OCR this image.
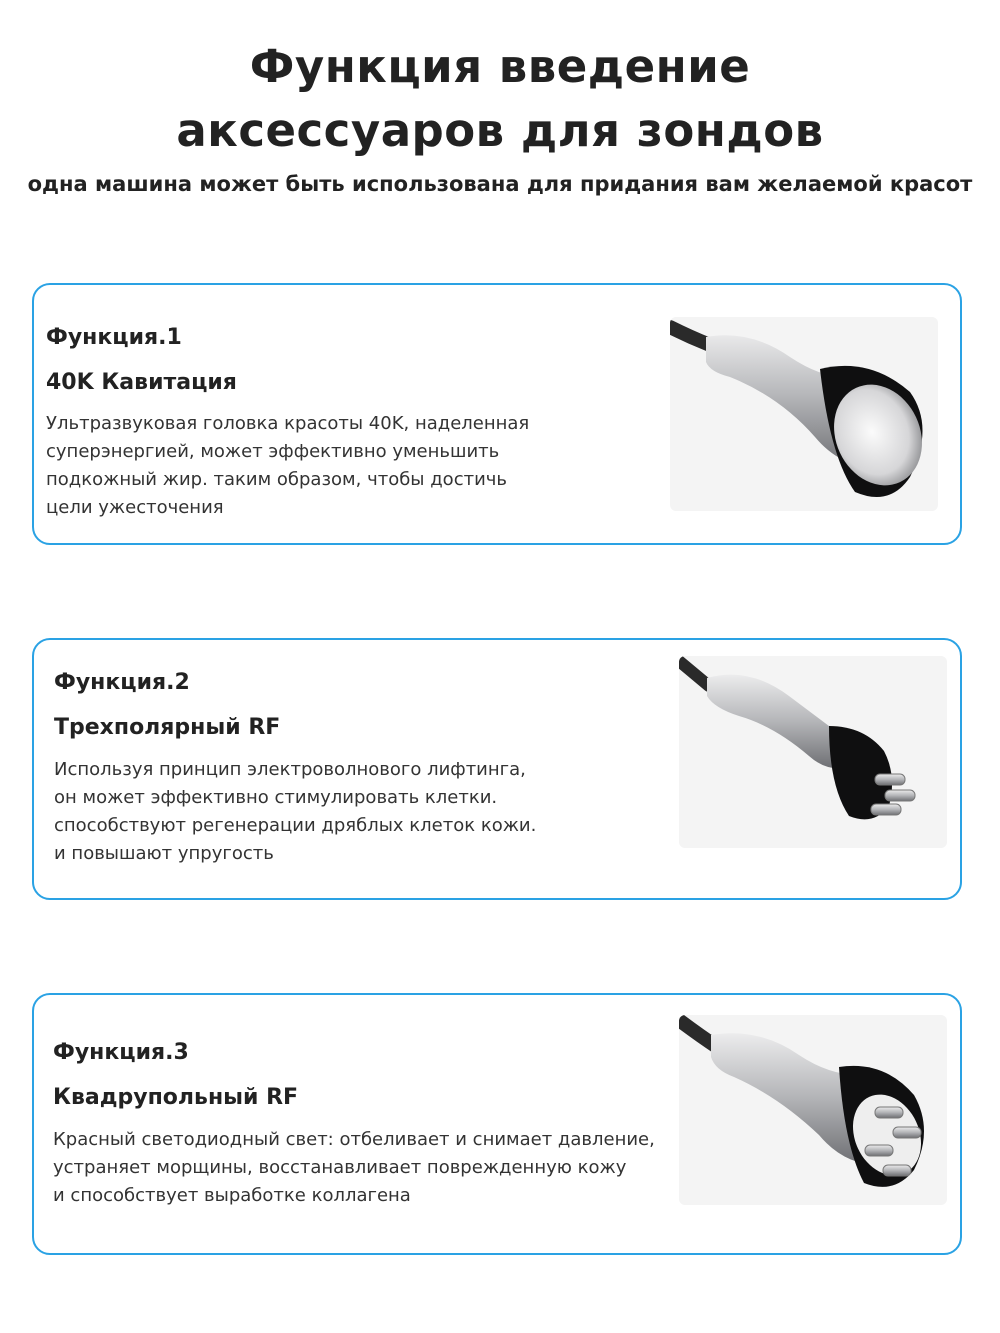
Функция введение
аксессуаров для зондов
одна машина может быть использована для придания вам желаемой красот
Функция.1
40K Кавитация
Ультразвуковая головка красоты 40K, наделенная
суперэнергией, может эффективно уменьшить
подкожный жир. таким образом, чтобы достичь
цели ужесточения
Функция.2
Трехполярный RF
Используя принцип электроволнового лифтинга,
он может эффективно стимулировать клетки.
способствуют регенерации дряблых клеток кожи.
и повышают упругость
Функция.3
Квадрупольный RF
Красный светодиодный свет: отбеливает и снимает давление,
устраняет морщины, восстанавливает поврежденную кожу
и способствует выработке коллагена
